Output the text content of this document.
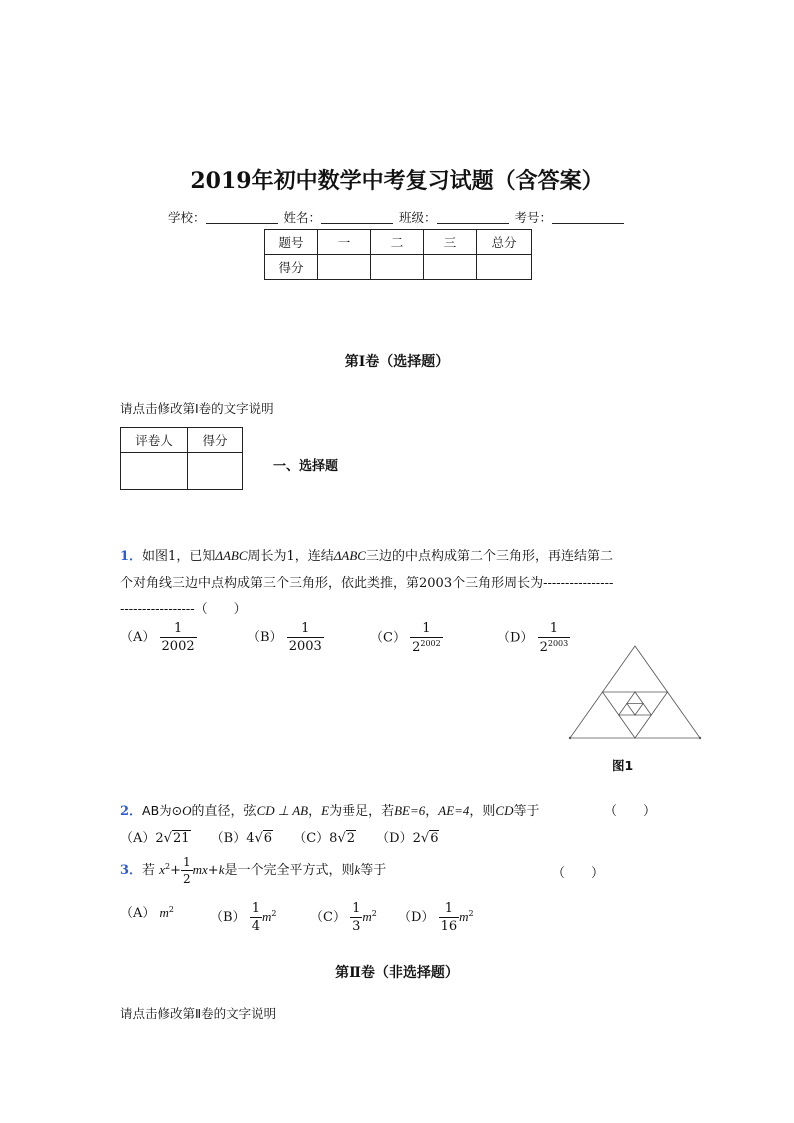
2019年初中数学中考复习试题（含答案）
学校：	姓名：	班级：	考号：
题号	一	二	三	总分
得分				
第Ⅰ卷（选择题）
请点击修改第Ⅰ卷的文字说明
评卷人	得分

一、选择题
1．如图1，已知ΔABC周长为1，连结ΔABC三边的中点构成第二个三角形，再连结第二
个对角线三边中点构成第三个三角形，依此类推，第2003个三角形周长为----------------
-----------------（　　）
$(A) \frac{1}{2002}$	$(B) \frac{1}{2003}$	$(C) \frac{1}{2^{2002}}$	$(D) \frac{1}{2^{2003}}$
图1
2．AB为⊙O的直径，弦CD ⊥ AB，E为垂足，若BE=6，AE=4，则CD等于	（　　）
（A）2√21 （B）4√6 （C）8√2 （D）2√6
3．若 $x^2+ \frac{1}{2} mx+k$是一个完全平方式，则k等于	（　　）
（A） $m^2$
$(B) \frac{1}{4} m^2$	$(C) \frac{1}{3} m^2$ $(D) \frac{1}{16} m^2$
第Ⅱ卷（非选择题）
请点击修改第Ⅱ卷的文字说明
